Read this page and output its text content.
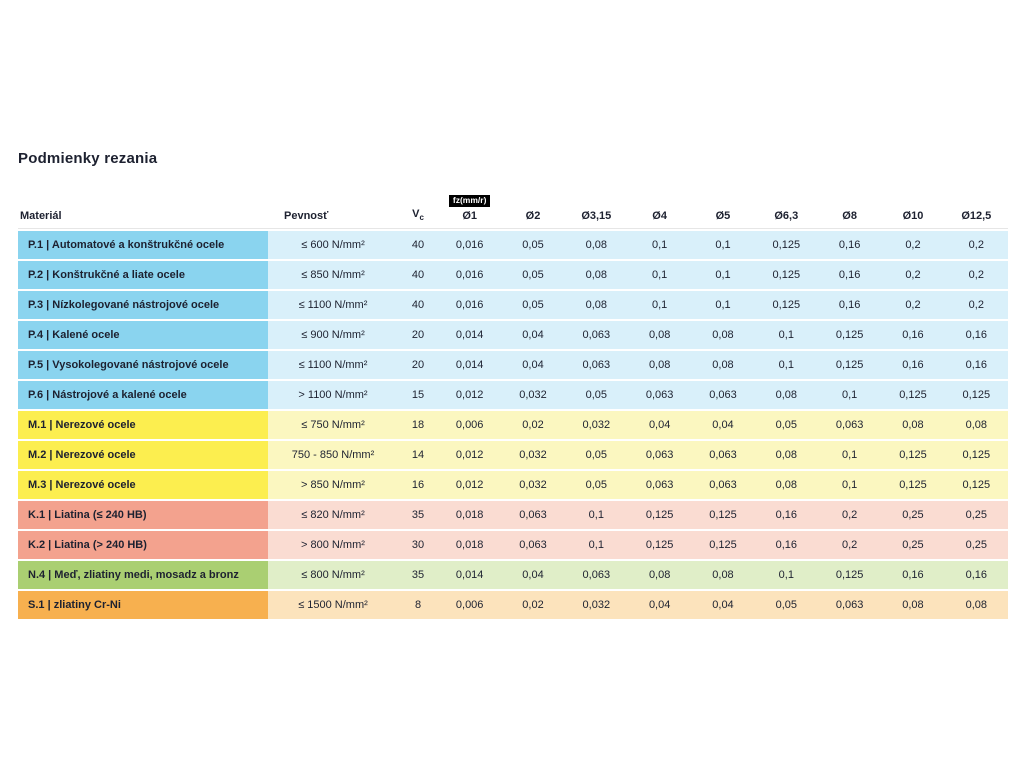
Podmienky rezania
Materiál	Pevnosť	$V_c$	fz(mm/r)
Ø1	Ø2	Ø3,15	Ø4	Ø5	Ø6,3	Ø8	Ø10	Ø12,5

P.1 | Automatové a konštrukčné ocele	≤ 600 N/mm²	40	0,016	0,05	0,08	0,1	0,1	0,125	0,16	0,2	0,2
P.2 | Konštrukčné a liate ocele	≤ 850 N/mm²	40	0,016	0,05	0,08	0,1	0,1	0,125	0,16	0,2	0,2
P.3 | Nízkolegované nástrojové ocele	≤ 1100 N/mm²	40	0,016	0,05	0,08	0,1	0,1	0,125	0,16	0,2	0,2
P.4 | Kalené ocele	≤ 900 N/mm²	20	0,014	0,04	0,063	0,08	0,08	0,1	0,125	0,16	0,16
P.5 | Vysokolegované nástrojové ocele	≤ 1100 N/mm²	20	0,014	0,04	0,063	0,08	0,08	0,1	0,125	0,16	0,16
P.6 | Nástrojové a kalené ocele	> 1100 N/mm²	15	0,012	0,032	0,05	0,063	0,063	0,08	0,1	0,125	0,125
M.1 | Nerezové ocele	≤ 750 N/mm²	18	0,006	0,02	0,032	0,04	0,04	0,05	0,063	0,08	0,08
M.2 | Nerezové ocele	750 - 850 N/mm²	14	0,012	0,032	0,05	0,063	0,063	0,08	0,1	0,125	0,125
M.3 | Nerezové ocele	> 850 N/mm²	16	0,012	0,032	0,05	0,063	0,063	0,08	0,1	0,125	0,125
K.1 | Liatina (≤ 240 HB)	≤ 820 N/mm²	35	0,018	0,063	0,1	0,125	0,125	0,16	0,2	0,25	0,25
K.2 | Liatina (> 240 HB)	> 800 N/mm²	30	0,018	0,063	0,1	0,125	0,125	0,16	0,2	0,25	0,25
N.4 | Meď, zliatiny medi, mosadz a bronz	≤ 800 N/mm²	35	0,014	0,04	0,063	0,08	0,08	0,1	0,125	0,16	0,16
S.1 | zliatiny Cr-Ni	≤ 1500 N/mm²	8	0,006	0,02	0,032	0,04	0,04	0,05	0,063	0,08	0,08
